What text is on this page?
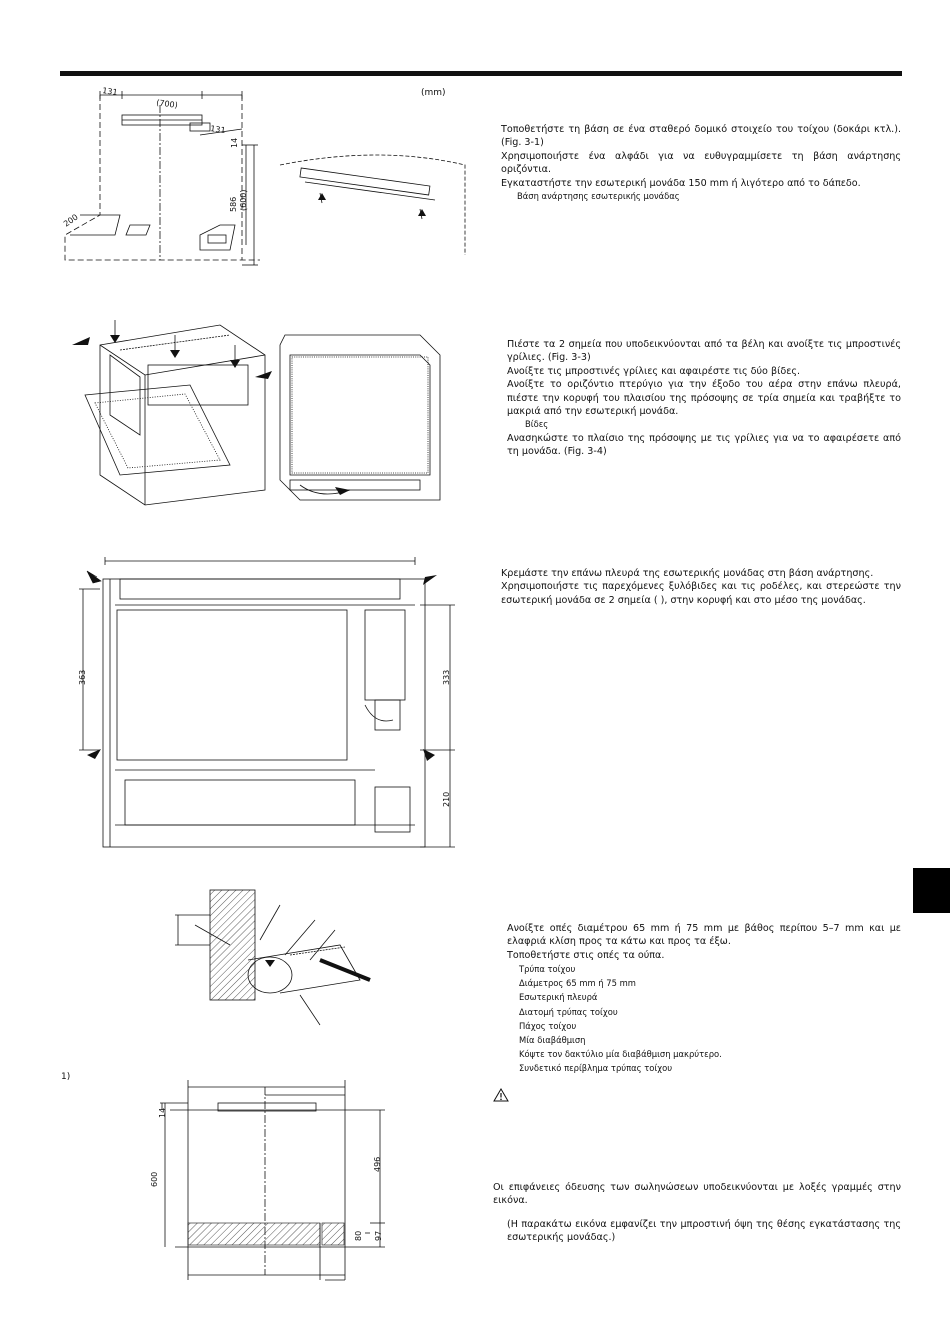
(mm)
131
(700)
131
14
586 (600)
200

Τοποθετήστε τη βάση σε ένα σταθερό δομικό στοιχείο του τοίχου (δοκάρι κτλ.). (Fig. 3-1)

Χρησιμοποιήστε ένα αλφάδι για να ευθυγραμμίσετε τη βάση ανάρτησης οριζόντια.

Εγκαταστήστε την εσωτερική μονάδα 150 mm ή λιγότερο από το δάπεδο.

Βάση ανάρτησης εσωτερικής μονάδας

Πιέστε τα 2 σημεία που υποδεικνύονται από τα βέλη και ανοίξτε τις μπροστινές γρίλιες. (Fig. 3-3)

Ανοίξτε τις μπροστινές γρίλιες και αφαιρέστε τις δύο βίδες.

Ανοίξτε το οριζόντιο πτερύγιο για την έξοδο του αέρα στην επάνω πλευρά, πιέστε την κορυφή του πλαισίου της πρόσοψης σε τρία σημεία και τραβήξτε το μακριά από την εσωτερική μονάδα.

Βίδες

Ανασηκώστε το πλαίσιο της πρόσοψης με τις γρίλιες για να το αφαιρέσετε από τη μονάδα. (Fig. 3-4)

363	333
210

Κρεμάστε την επάνω πλευρά της εσωτερικής μονάδας στη βάση ανάρτησης.

Χρησιμοποιήστε τις παρεχόμενες ξυλόβιδες και τις ροδέλες, και στερεώστε την εσωτερική μονάδα σε 2 σημεία ( ), στην κορυφή και στο μέσο της μονάδας.

Ανοίξτε οπές διαμέτρου 65 mm ή 75 mm με βάθος περίπου 5–7 mm και με ελαφριά κλίση προς τα κάτω και προς τα έξω.

Τοποθετήστε στις οπές τα ούπα.

Τρύπα τοίχου
Διάμετρος 65 mm ή 75 mm
Εσωτερική πλευρά
Διατομή τρύπας τοίχου
Πάχος τοίχου
Μία διαβάθμιση
Κόψτε τον δακτύλιο μία διαβάθμιση μακρύτερο.
Συνδετικό περίβλημα τρύπας τοίχου
1)
14
600
496
80 97

Οι επιφάνειες όδευσης των σωληνώσεων υποδεικνύονται με λοξές γραμμές στην εικόνα.

(Η παρακάτω εικόνα εμφανίζει την μπροστινή όψη της θέσης εγκατάστασης της εσωτερικής μονάδας.)
